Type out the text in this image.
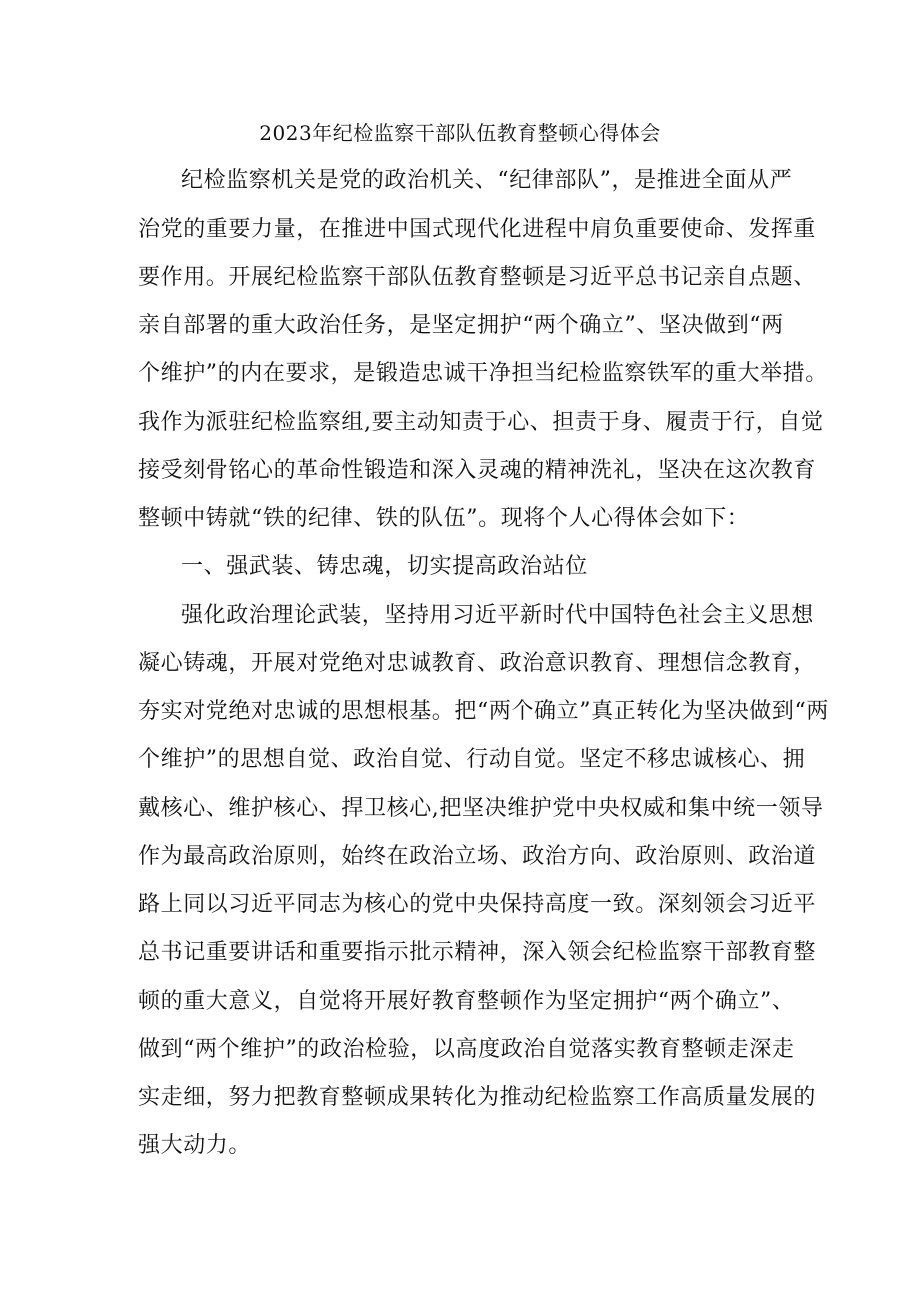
2023年纪检监察干部队伍教育整顿心得体会
纪检监察机关是党的政治机关、“纪律部队”，是推进全面从严
治党的重要力量，在推进中国式现代化进程中肩负重要使命、发挥重
要作用。开展纪检监察干部队伍教育整顿是习近平总书记亲自点题、
亲自部署的重大政治任务，是坚定拥护“两个确立”、坚决做到“两
个维护”的内在要求，是锻造忠诚干净担当纪检监察铁军的重大举措。
我作为派驻纪检监察组,要主动知责于心、担责于身、履责于行，自觉
接受刻骨铭心的革命性锻造和深入灵魂的精神洗礼，坚决在这次教育
整顿中铸就“铁的纪律、铁的队伍”。现将个人心得体会如下：
一、强武装、铸忠魂，切实提高政治站位
强化政治理论武装，坚持用习近平新时代中国特色社会主义思想
凝心铸魂，开展对党绝对忠诚教育、政治意识教育、理想信念教育，
夯实对党绝对忠诚的思想根基。把“两个确立”真正转化为坚决做到“两
个维护”的思想自觉、政治自觉、行动自觉。坚定不移忠诚核心、拥
戴核心、维护核心、捍卫核心,把坚决维护党中央权威和集中统一领导
作为最高政治原则，始终在政治立场、政治方向、政治原则、政治道
路上同以习近平同志为核心的党中央保持高度一致。深刻领会习近平
总书记重要讲话和重要指示批示精神，深入领会纪检监察干部教育整
顿的重大意义，自觉将开展好教育整顿作为坚定拥护“两个确立”、
做到“两个维护”的政治检验，以高度政治自觉落实教育整顿走深走
实走细，努力把教育整顿成果转化为推动纪检监察工作高质量发展的
强大动力。
